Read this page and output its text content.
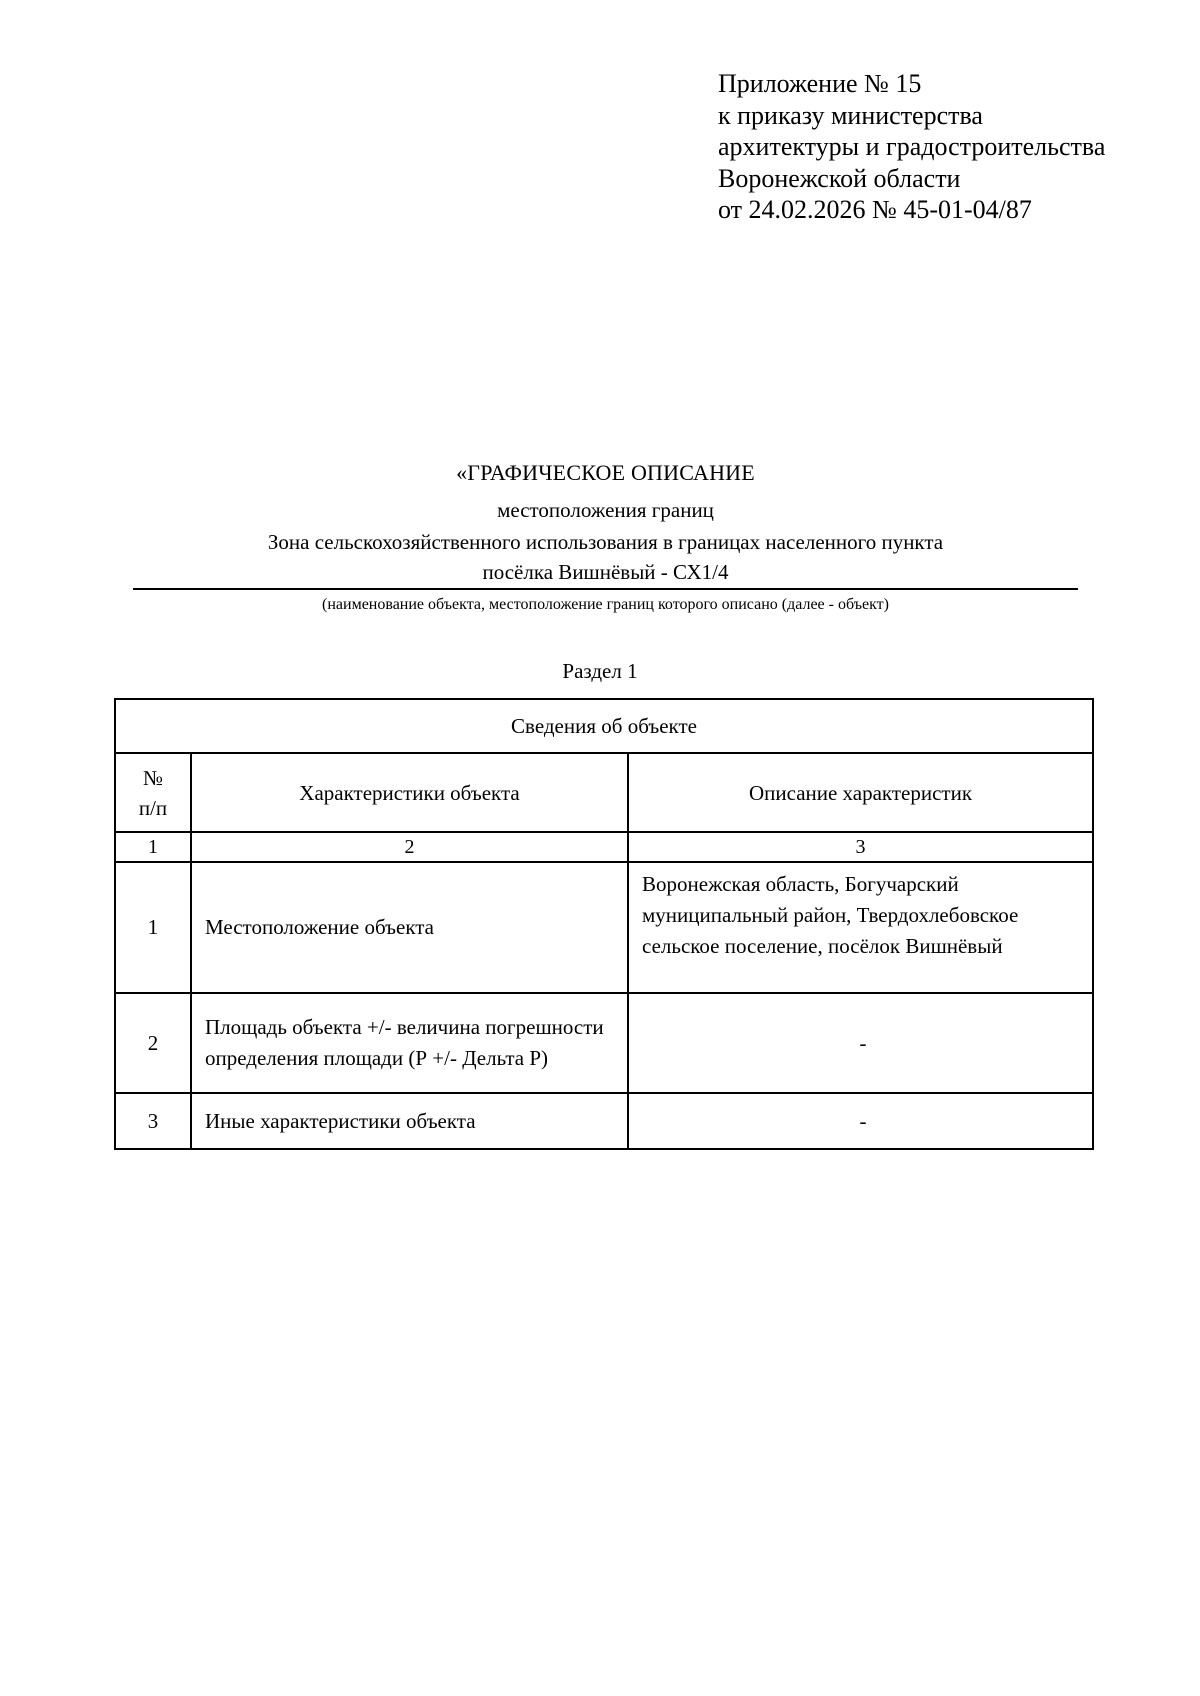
Приложение № 15
к приказу министерства
архитектуры и градостроительства
Воронежской области
от 24.02.2026 № 45-01-04/87
«ГРАФИЧЕСКОЕ ОПИСАНИЕ
местоположения границ
Зона сельскохозяйственного использования в границах населенного пункта
посёлка Вишнёвый - СХ1/4
(наименование объекта, местоположение границ которого описано (далее - объект)
Раздел 1
Сведения об объекте		

№
п/п	Характеристики объекта	Описание характеристик
1	2	3
1	Местоположение объекта	Воронежская область, Богучарский муниципальный район, Твердохлебовское сельское поселение, посёлок Вишнёвый
2	Площадь объекта +/- величина погрешности определения площади (Р +/- Дельта Р)	-
3	Иные характеристики объекта	-
